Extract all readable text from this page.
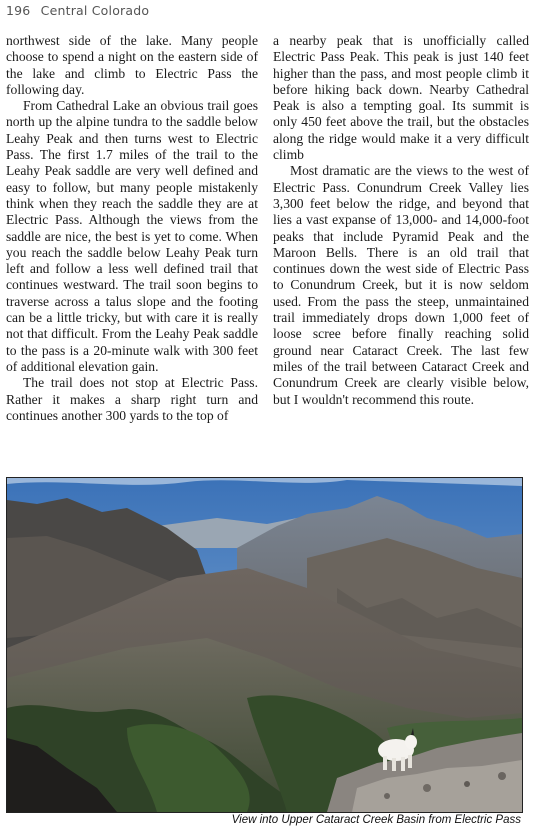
196 Central Colorado

northwest side of the lake. Many people choose to spend a night on the eastern side of the lake and climb to Electric Pass the following day.

From Cathedral Lake an obvious trail goes north up the alpine tundra to the saddle below Leahy Peak and then turns west to Electric Pass. The first 1.7 miles of the trail to the Leahy Peak saddle are very well defined and easy to follow, but many people mistakenly think when they reach the saddle they are at Electric Pass. Although the views from the saddle are nice, the best is yet to come. When you reach the saddle below Leahy Peak turn left and follow a less well defined trail that continues westward. The trail soon begins to traverse across a talus slope and the footing can be a little tricky, but with care it is really not that difficult. From the Leahy Peak saddle to the pass is a 20-minute walk with 300 feet of additional elevation gain.

The trail does not stop at Electric Pass. Rather it makes a sharp right turn and continues another 300 yards to the top of

a nearby peak that is unofficially called Electric Pass Peak. This peak is just 140 feet higher than the pass, and most people climb it before hiking back down. Nearby Cathedral Peak is also a tempting goal. Its summit is only 450 feet above the trail, but the obstacles along the ridge would make it a very difficult climb

Most dramatic are the views to the west of Electric Pass. Conundrum Creek Valley lies 3,300 feet below the ridge, and beyond that lies a vast expanse of 13,000- and 14,000-foot peaks that include Pyramid Peak and the Maroon Bells. There is an old trail that continues down the west side of Electric Pass to Conundrum Creek, but it is now seldom used. From the pass the steep, unmaintained trail immediately drops down 1,000 feet of loose scree before finally reaching solid ground near Cataract Creek. The last few miles of the trail between Cataract Creek and Conundrum Creek are clearly visible below, but I wouldn't recommend this route.

View into Upper Cataract Creek Basin from Electric Pass
